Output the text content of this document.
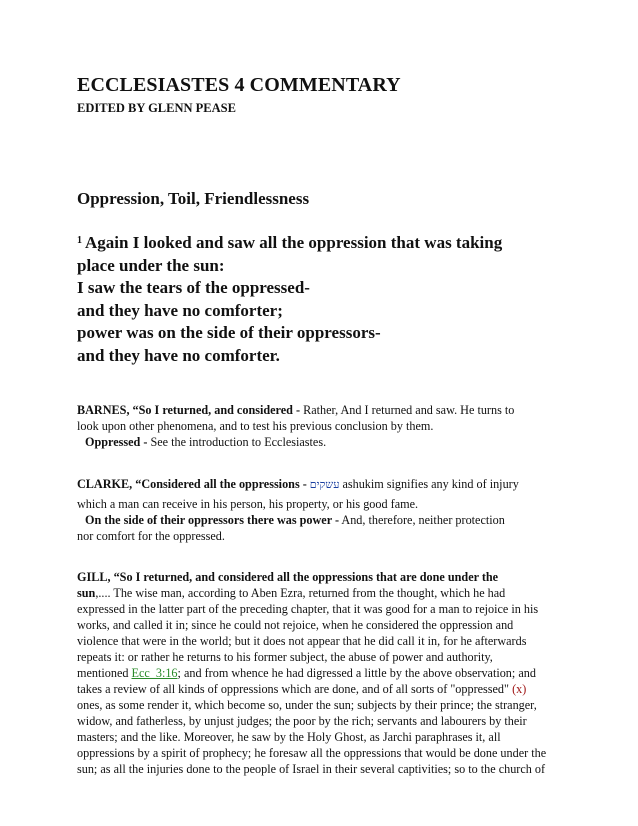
ECCLESIASTES 4 COMMENTARY
EDITED BY GLENN PEASE
Oppression, Toil, Friendlessness
$^1$ Again I looked and saw all the oppression that was taking
place under the sun:
I saw the tears of the oppressed-
and they have no comforter;
power was on the side of their oppressors-
and they have no comforter.
BARNES, “So I returned, and considered - Rather, And I returned and saw. He turns to
look upon other phenomena, and to test his previous conclusion by them.
Oppressed - See the introduction to Ecclesiastes.
CLARKE, “Considered all the oppressions - עשקים ashukim signifies any kind of injury
which a man can receive in his person, his property, or his good fame.
On the side of their oppressors there was power - And, therefore, neither protection
nor comfort for the oppressed.
GILL, “So I returned, and considered all the oppressions that are done under the
sun,.... The wise man, according to Aben Ezra, returned from the thought, which he had
expressed in the latter part of the preceding chapter, that it was good for a man to rejoice in his
works, and called it in; since he could not rejoice, when he considered the oppression and
violence that were in the world; but it does not appear that he did call it in, for he afterwards
repeats it: or rather he returns to his former subject, the abuse of power and authority,
mentioned Ecc_3:16; and from whence he had digressed a little by the above observation; and
takes a review of all kinds of oppressions which are done, and of all sorts of "oppressed" (x)
ones, as some render it, which become so, under the sun; subjects by their prince; the stranger,
widow, and fatherless, by unjust judges; the poor by the rich; servants and labourers by their
masters; and the like. Moreover, he saw by the Holy Ghost, as Jarchi paraphrases it, all
oppressions by a spirit of prophecy; he foresaw all the oppressions that would be done under the
sun; as all the injuries done to the people of Israel in their several captivities; so to the church of
